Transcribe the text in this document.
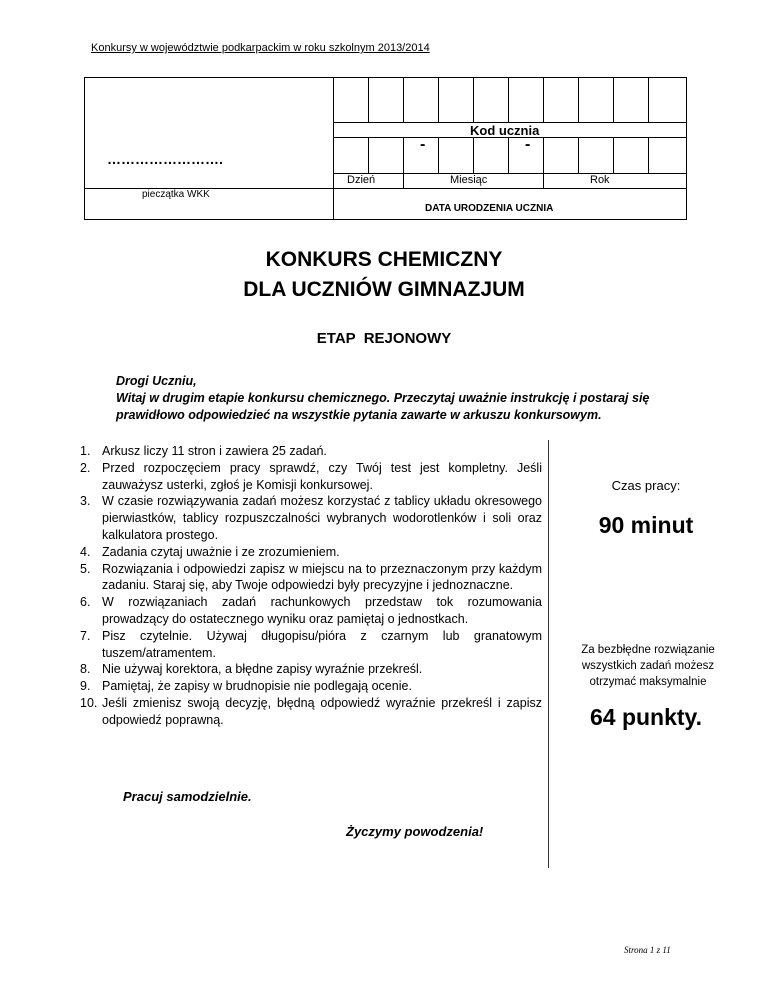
Konkursy w województwie podkarpackim w roku szkolnym 2013/2014
Kod ucznia
-	-
Dzień	Miesiąc	Rok
DATA URODZENIA UCZNIA
…………………….
pieczątka WKK
KONKURS CHEMICZNY
DLA UCZNIÓW GIMNAZJUM
ETAP  REJONOWY
Drogi Uczniu,
Witaj w drugim etapie konkursu chemicznego. Przeczytaj uważnie instrukcję i postaraj się prawidłowo odpowiedzieć na wszystkie pytania zawarte w arkuszu konkursowym.
1. Arkusz liczy 11 stron i zawiera 25 zadań.
2. Przed rozpoczęciem pracy sprawdź, czy Twój test jest kompletny. Jeśli zauważysz usterki, zgłoś je Komisji konkursowej.
3. W czasie rozwiązywania zadań możesz korzystać z tablicy układu okresowego pierwiastków, tablicy rozpuszczalności wybranych wodorotlenków i soli oraz kalkulatora prostego.
4. Zadania czytaj uważnie i ze zrozumieniem.
5. Rozwiązania i odpowiedzi zapisz w miejscu na to przeznaczonym przy każdym zadaniu. Staraj się, aby Twoje odpowiedzi były precyzyjne i jednoznaczne.
6. W rozwiązaniach zadań rachunkowych przedstaw tok rozumowania prowadzący do ostatecznego wyniku oraz pamiętaj o jednostkach.
7. Pisz czytelnie. Używaj długopisu/pióra z czarnym lub granatowym tuszem/atramentem.
8. Nie używaj korektora, a błędne zapisy wyraźnie przekreśl.
9. Pamiętaj, że zapisy w brudnopisie nie podlegają ocenie.
10. Jeśli zmienisz swoją decyzję, błędną odpowiedź wyraźnie przekreśl i zapisz odpowiedź poprawną.
Czas pracy:
90 minut
Za bezbłędne rozwiązanie wszystkich zadań możesz otrzymać maksymalnie
64 punkty.
Pracuj samodzielnie.
Życzymy powodzenia!
Strona 1 z 11
